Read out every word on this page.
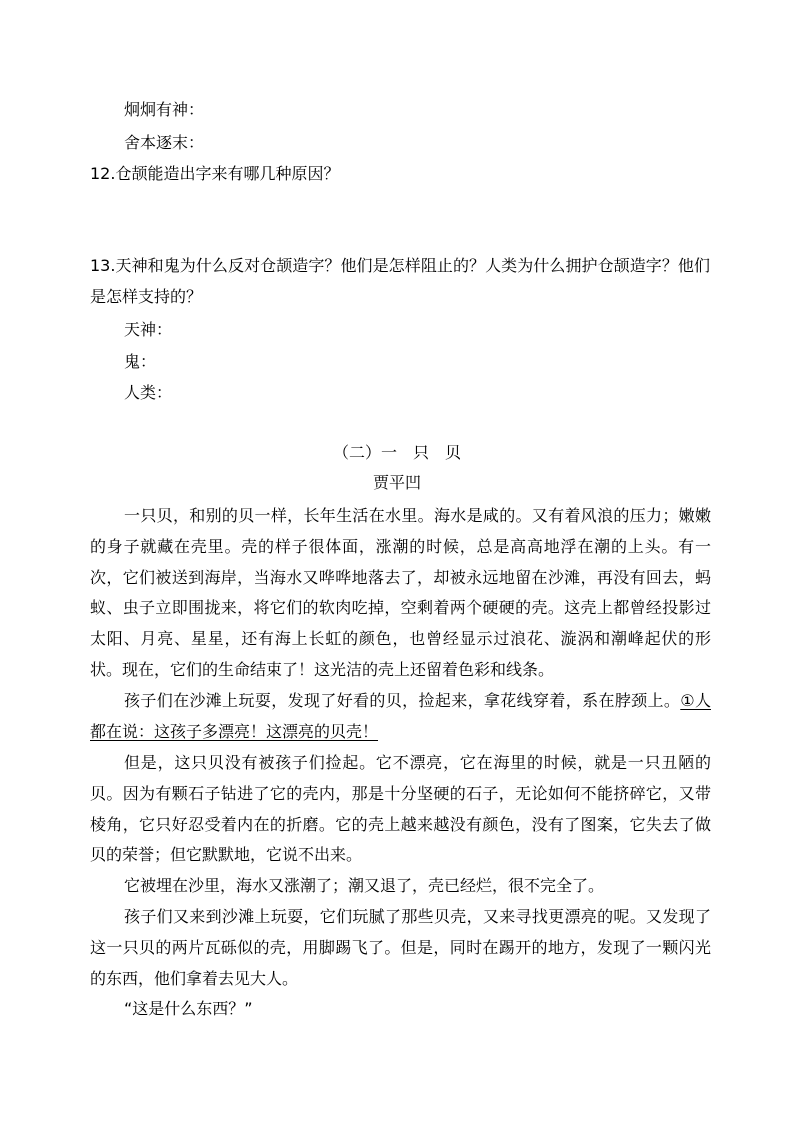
炯炯有神：
舍本逐末：
12.仓颉能造出字来有哪几种原因？
13.天神和鬼为什么反对仓颉造字？他们是怎样阻止的？人类为什么拥护仓颉造字？他们是怎样支持的？
天神：
鬼：
人类：
（二）一　只　贝
贾平凹
一只贝，和别的贝一样，长年生活在水里。海水是咸的。又有着风浪的压力；嫩嫩的身子就藏在壳里。壳的样子很体面，涨潮的时候，总是高高地浮在潮的上头。有一次，它们被送到海岸，当海水又哗哗地落去了，却被永远地留在沙滩，再没有回去，蚂蚁、虫子立即围拢来，将它们的软肉吃掉，空剩着两个硬硬的壳。这壳上都曾经投影过太阳、月亮、星星，还有海上长虹的颜色，也曾经显示过浪花、漩涡和潮峰起伏的形状。现在，它们的生命结束了！这光洁的壳上还留着色彩和线条。
孩子们在沙滩上玩耍，发现了好看的贝，捡起来，拿花线穿着，系在脖颈上。①人都在说：这孩子多漂亮！这漂亮的贝壳！
但是，这只贝没有被孩子们捡起。它不漂亮，它在海里的时候，就是一只丑陋的贝。因为有颗石子钻进了它的壳内，那是十分坚硬的石子，无论如何不能挤碎它，又带棱角，它只好忍受着内在的折磨。它的壳上越来越没有颜色，没有了图案，它失去了做贝的荣誉；但它默默地，它说不出来。
它被埋在沙里，海水又涨潮了；潮又退了，壳已经烂，很不完全了。
孩子们又来到沙滩上玩耍，它们玩腻了那些贝壳，又来寻找更漂亮的呢。又发现了这一只贝的两片瓦砾似的壳，用脚踢飞了。但是，同时在踢开的地方，发现了一颗闪光的东西，他们拿着去见大人。
“这是什么东西？”
